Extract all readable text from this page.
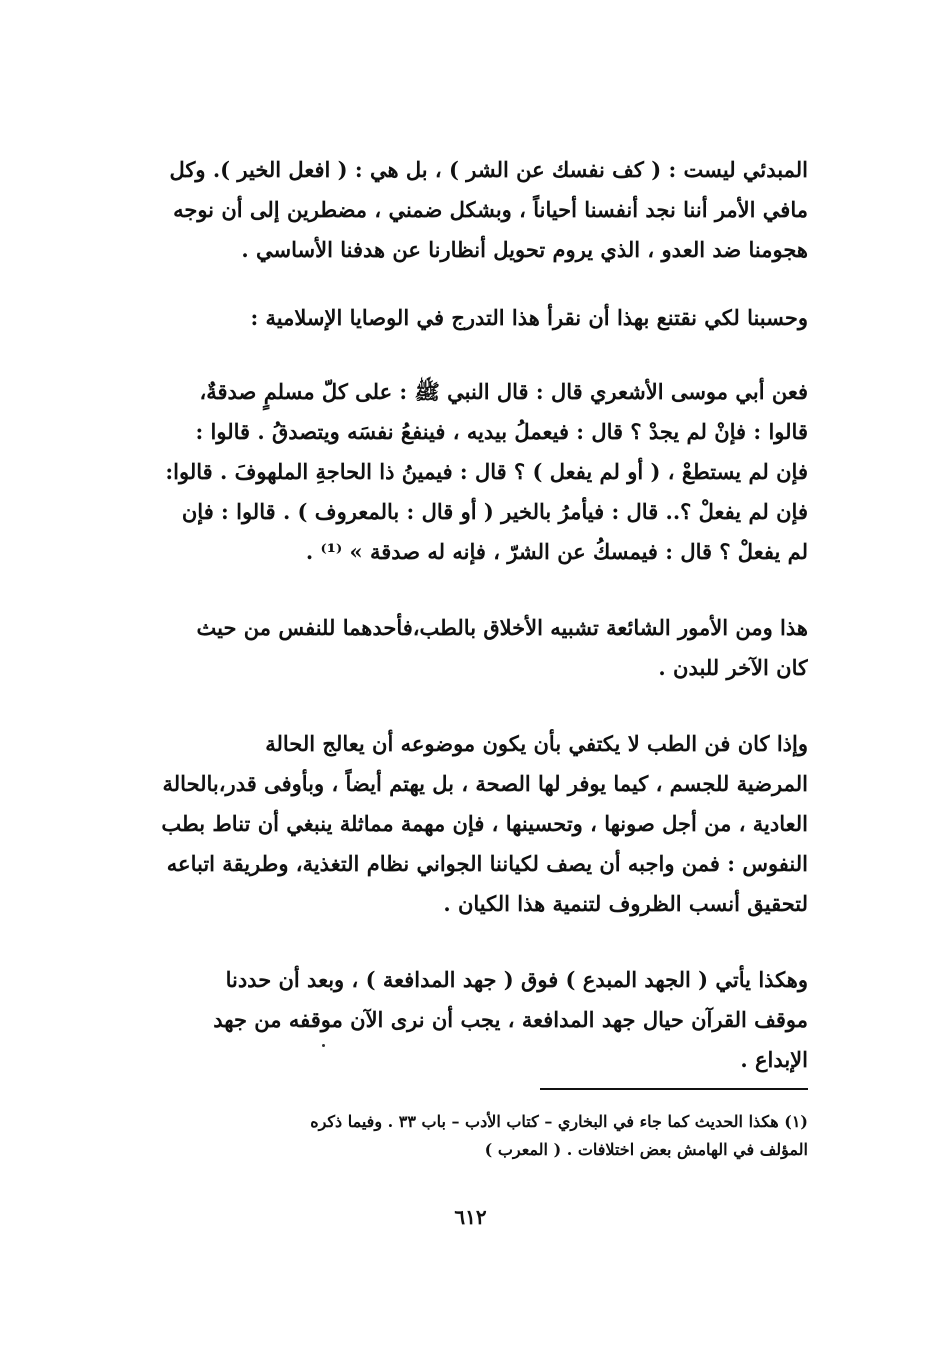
المبدئي ليست : ( كف نفسك عن الشر ) ، بل هي : ( افعل الخير ). وكل
مافي الأمر أننا نجد أنفسنا أحياناً ، وبشكل ضمني ، مضطرين إلى أن نوجه
هجومنا ضد العدو ، الذي يروم تحويل أنظارنا عن هدفنا الأساسي .

وحسبنا لكي نقتنع بهذا أن نقرأ هذا التدرج في الوصايا الإسلامية :

فعن أبي موسى الأشعري قال : قال النبي ﷺ : على كلّ مسلمٍ صدقةٌ،
قالوا : فإنْ لم يجدْ ؟ قال : فيعملُ بيديه ، فينفعُ نفسَه ويتصدقُ . قالوا :
فإن لم يستطعْ ، ( أو لم يفعل ) ؟ قال : فيمينُ ذا الحاجةِ الملهوفَ . قالوا:
فإن لم يفعلْ ؟.. قال : فيأمرُ بالخير ( أو قال : بالمعروف ) . قالوا : فإن
لم يفعلْ ؟ قال : فيمسكُ عن الشرّ ، فإنه له صدقة » ⁽¹⁾ .

هذا ومن الأمور الشائعة تشبيه الأخلاق بالطب،فأحدهما للنفس من حيث
كان الآخر للبدن .

وإذا كان فن الطب لا يكتفي بأن يكون موضوعه أن يعالج الحالة
المرضية للجسم ، كيما يوفر لها الصحة ، بل يهتم أيضاً ، وبأوفى قدر،بالحالة
العادية ، من أجل صونها ، وتحسينها ، فإن مهمة مماثلة ينبغي أن تناط بطب
النفوس : فمن واجبه أن يصف لكياننا الجواني نظام التغذية، وطريقة اتباعه
لتحقيق أنسب الظروف لتنمية هذا الكيان .

وهكذا يأتي ( الجهد المبدع ) فوق ( جهد المدافعة ) ، وبعد أن حددنا
موقف القرآن حيال جهد المدافعة ، يجب أن نرى الآن موقفه من جهد
الإبداع .

(١) هكذا الحديث كما جاء في البخاري – كتاب الأدب – باب ٣٣ . وفيما ذكره
المؤلف في الهامش بعض اختلافات . ( المعرب )
٦١٢
